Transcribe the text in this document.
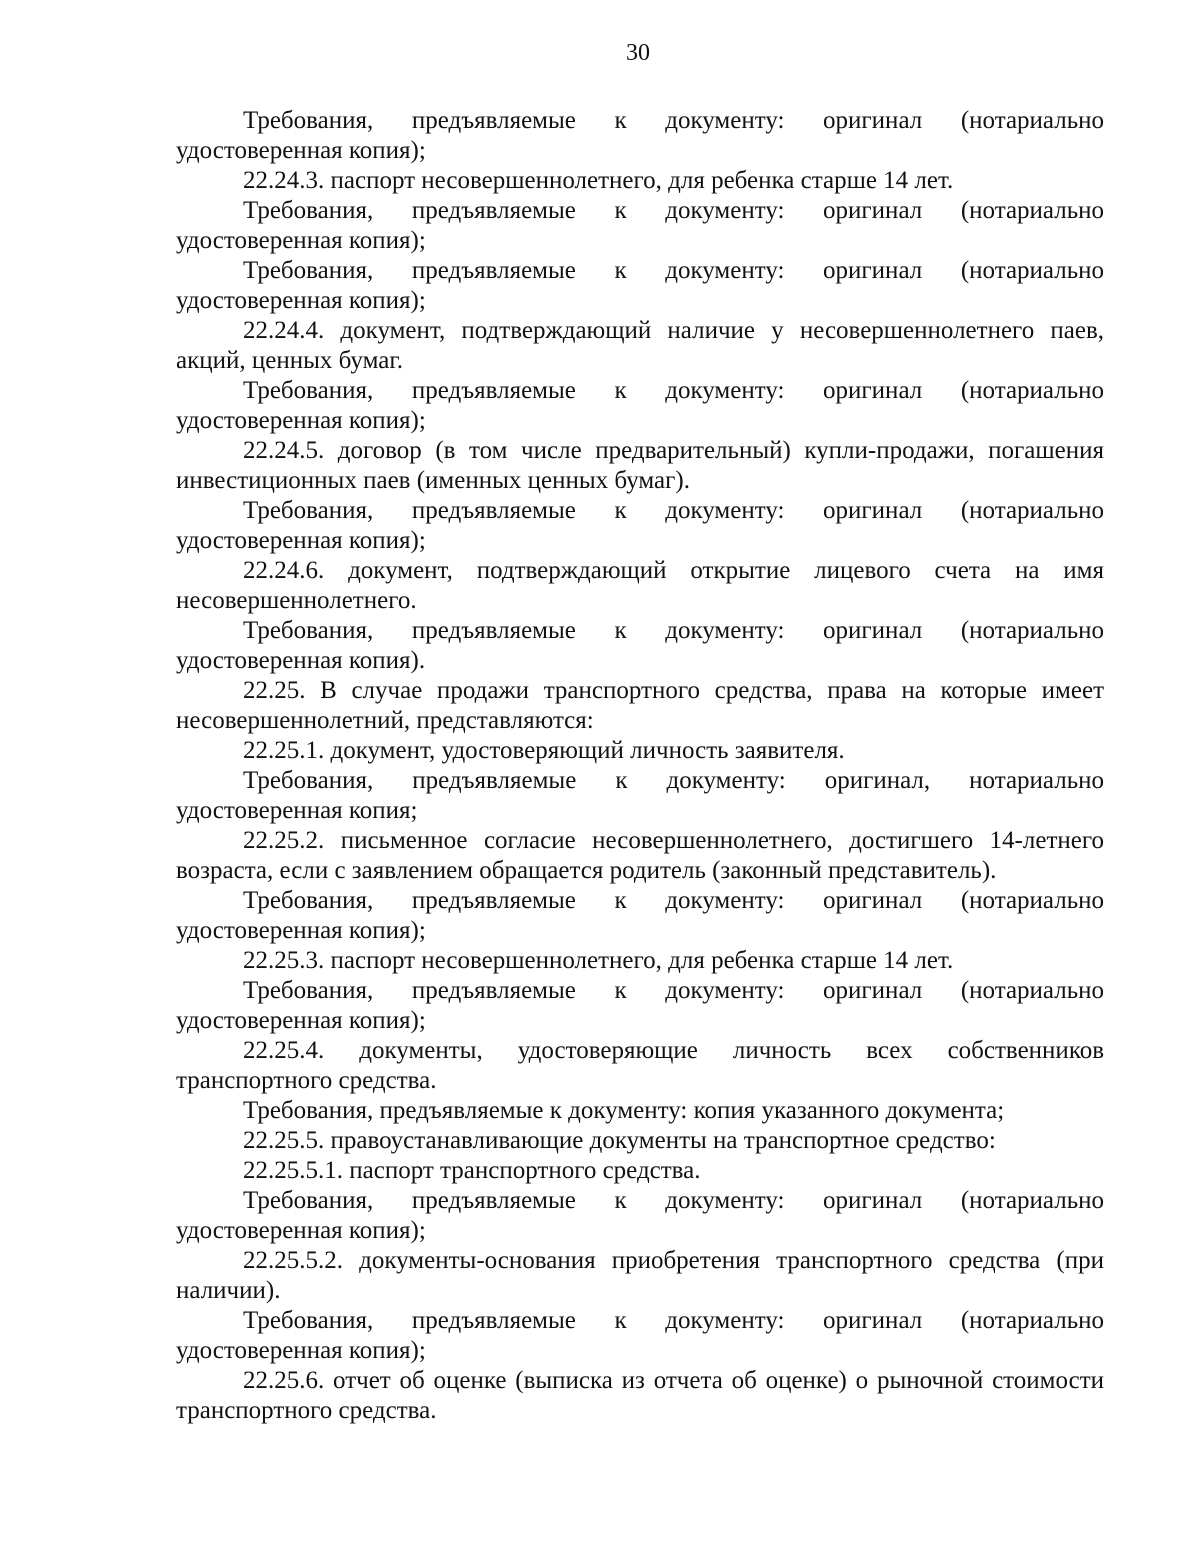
30

Требования, предъявляемые к документу: оригинал (нотариально удостоверенная копия);

22.24.3. паспорт несовершеннолетнего, для ребенка старше 14 лет.

Требования, предъявляемые к документу: оригинал (нотариально удостоверенная копия);

Требования, предъявляемые к документу: оригинал (нотариально удостоверенная копия);

22.24.4. документ, подтверждающий наличие у несовершеннолетнего паев, акций, ценных бумаг.

Требования, предъявляемые к документу: оригинал (нотариально удостоверенная копия);

22.24.5. договор (в том числе предварительный) купли-продажи, погашения инвестиционных паев (именных ценных бумаг).

Требования, предъявляемые к документу: оригинал (нотариально удостоверенная копия);

22.24.6. документ, подтверждающий открытие лицевого счета на имя несовершеннолетнего.

Требования, предъявляемые к документу: оригинал (нотариально удостоверенная копия).

22.25. В случае продажи транспортного средства, права на которые имеет несовершеннолетний, представляются:

22.25.1. документ, удостоверяющий личность заявителя.

Требования, предъявляемые к документу: оригинал, нотариально удостоверенная копия;

22.25.2. письменное согласие несовершеннолетнего, достигшего 14-летнего возраста, если с заявлением обращается родитель (законный представитель).

Требования, предъявляемые к документу: оригинал (нотариально удостоверенная копия);

22.25.3. паспорт несовершеннолетнего, для ребенка старше 14 лет.

Требования, предъявляемые к документу: оригинал (нотариально удостоверенная копия);

22.25.4. документы, удостоверяющие личность всех собственников транспортного средства.

Требования, предъявляемые к документу: копия указанного документа;

22.25.5. правоустанавливающие документы на транспортное средство:

22.25.5.1. паспорт транспортного средства.

Требования, предъявляемые к документу: оригинал (нотариально удостоверенная копия);

22.25.5.2. документы-основания приобретения транспортного средства (при наличии).

Требования, предъявляемые к документу: оригинал (нотариально удостоверенная копия);

22.25.6. отчет об оценке (выписка из отчета об оценке) о рыночной стоимости транспортного средства.
